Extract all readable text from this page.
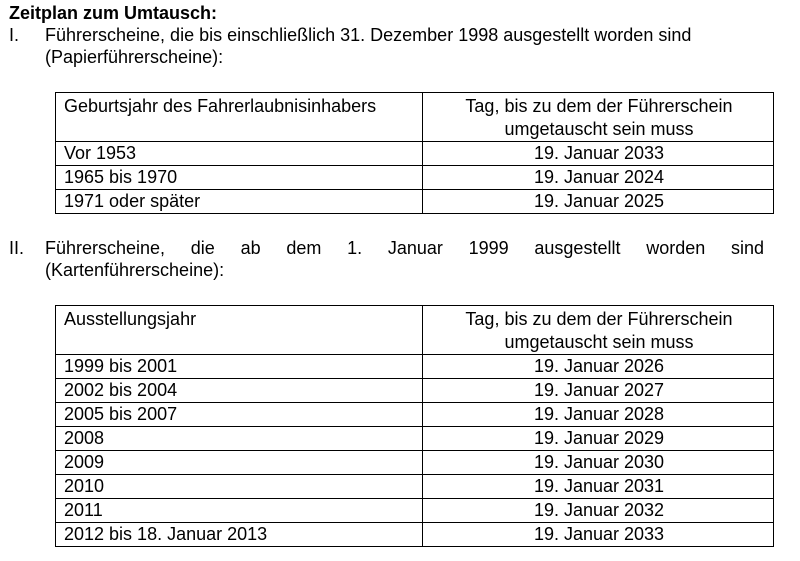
Zeitplan zum Umtausch:
I. Führerscheine, die bis einschließlich 31. Dezember 1998 ausgestellt worden sind
(Papierführerscheine):
Geburtsjahr des Fahrerlaubnisinhabers	Tag, bis zu dem der Führerschein
umgetauscht sein muss

Vor 1953	19. Januar 2033
1965 bis 1970	19. Januar 2024
1971 oder später	19. Januar 2025
II. Führerscheine, die ab dem 1. Januar 1999 ausgestellt worden sind
(Kartenführerscheine):
Ausstellungsjahr	Tag, bis zu dem der Führerschein
umgetauscht sein muss

1999 bis 2001	19. Januar 2026
2002 bis 2004	19. Januar 2027
2005 bis 2007	19. Januar 2028
2008	19. Januar 2029
2009	19. Januar 2030
2010	19. Januar 2031
2011	19. Januar 2032
2012 bis 18. Januar 2013	19. Januar 2033
